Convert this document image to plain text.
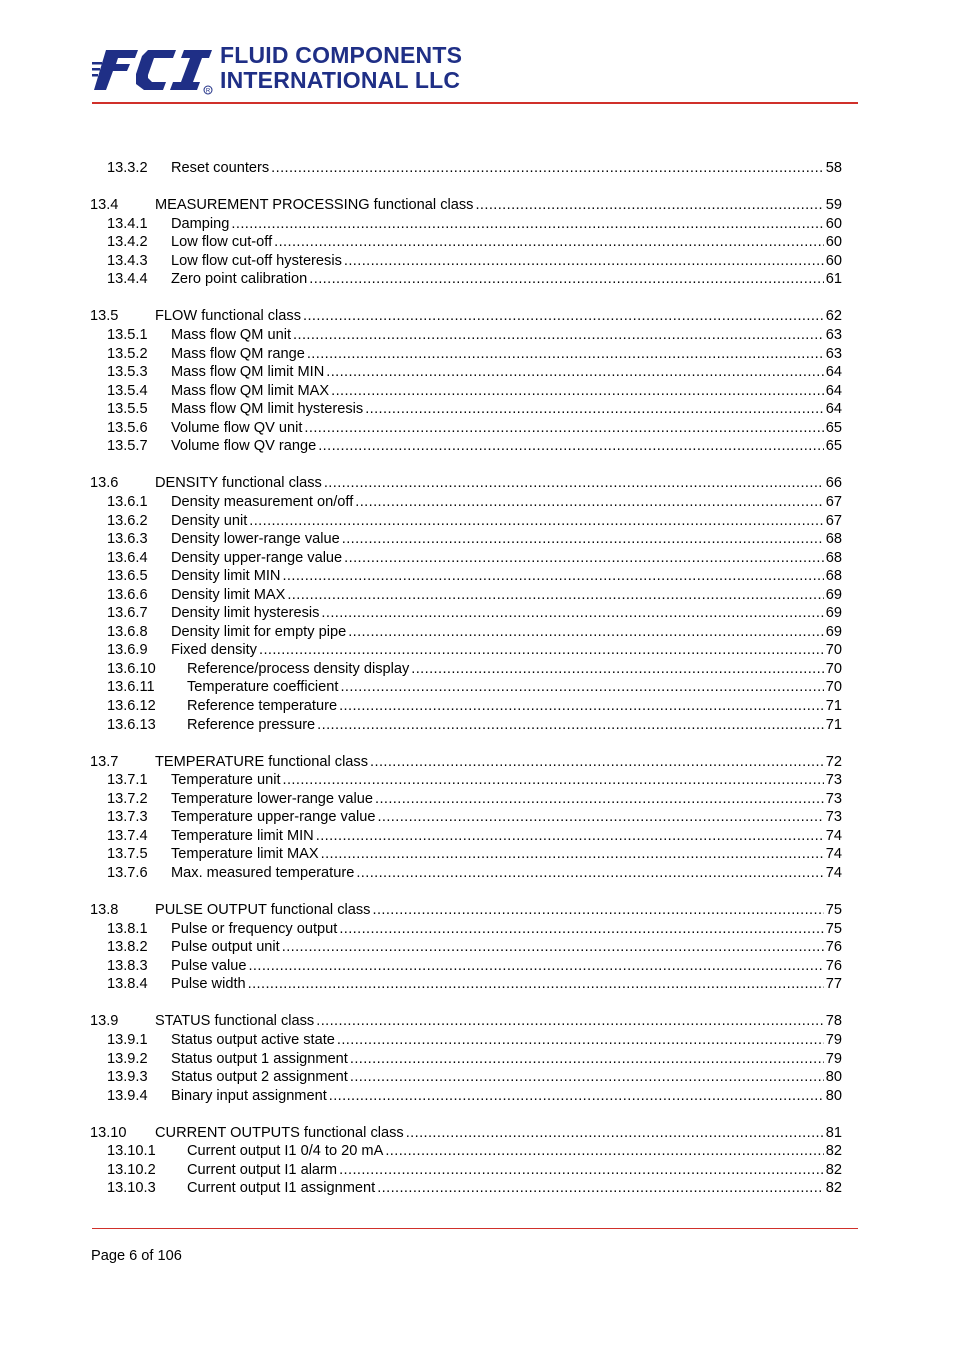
R
FLUID COMPONENTS
INTERNATIONAL LLC
13.3.2	Reset counters .....	58
13.4	MEASUREMENT PROCESSING functional class .....	59
13.4.1	Damping .....	60
13.4.2	Low flow cut-off .....	60
13.4.3	Low flow cut-off hysteresis .....	60
13.4.4	Zero point calibration .....	61
13.5	FLOW functional class .....	62
13.5.1	Mass flow QM unit .....	63
13.5.2	Mass flow QM range .....	63
13.5.3	Mass flow QM limit MIN .....	64
13.5.4	Mass flow QM limit MAX .....	64
13.5.5	Mass flow QM limit hysteresis .....	64
13.5.6	Volume flow QV unit .....	65
13.5.7	Volume flow QV range .....	65
13.6	DENSITY functional class .....	66
13.6.1	Density measurement on/off .....	67
13.6.2	Density unit .....	67
13.6.3	Density lower-range value .....	68
13.6.4	Density upper-range value .....	68
13.6.5	Density limit MIN .....	68
13.6.6	Density limit MAX .....	69
13.6.7	Density limit hysteresis .....	69
13.6.8	Density limit for empty pipe .....	69
13.6.9	Fixed density .....	70
13.6.10	Reference/process density display .....	70
13.6.11	Temperature coefficient .....	70
13.6.12	Reference temperature .....	71
13.6.13	Reference pressure .....	71
13.7	TEMPERATURE functional class .....	72
13.7.1	Temperature unit .....	73
13.7.2	Temperature lower-range value .....	73
13.7.3	Temperature upper-range value .....	73
13.7.4	Temperature limit MIN .....	74
13.7.5	Temperature limit MAX .....	74
13.7.6	Max. measured temperature .....	74
13.8	PULSE OUTPUT functional class .....	75
13.8.1	Pulse or frequency output .....	75
13.8.2	Pulse output unit .....	76
13.8.3	Pulse value .....	76
13.8.4	Pulse width .....	77
13.9	STATUS functional class .....	78
13.9.1	Status output active state .....	79
13.9.2	Status output 1 assignment .....	79
13.9.3	Status output 2 assignment .....	80
13.9.4	Binary input assignment .....	80
13.10	CURRENT OUTPUTS functional class .....	81
13.10.1	Current output I1 0/4 to 20 mA .....	82
13.10.2	Current output I1 alarm .....	82
13.10.3	Current output I1 assignment .....	82
Page 6 of 106
